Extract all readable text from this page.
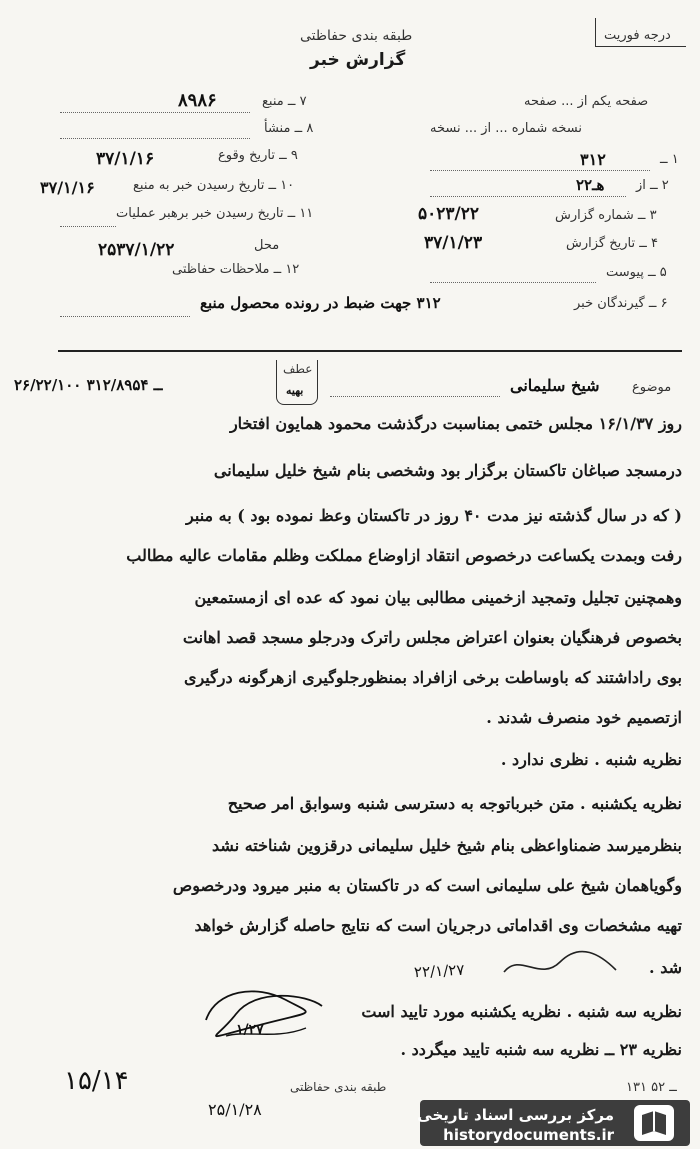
طبقه بندی حفاظتی
گزارش خبر
درجه فوریت
۷ ــ منبع
۸۹۸۶
۸ ــ منشأ
۹ ــ تاریخ وقوع
۳۷/۱/۱۶
۱۰ ــ تاریخ رسیدن خبر به منبع
۳۷/۱/۱۶
۱۱ ــ تاریخ رسیدن خبر برهبر عملیات
محل
۲۵۳۷/۱/۲۲
۱۲ ــ ملاحظات حفاظتی
صفحه یکم از ... صفحه
نسخه شماره ... از ... نسخه
۱ ــ
۳۱۲
۲ ــ از
۲۲هـ
۳ ــ شماره گزارش
۵۰۲۳/۲۲
۴ ــ تاریخ گزارش
۳۷/۱/۲۳
۵ ــ پیوست
۶ ــ گیرندگان خبر
۳۱۲ جهت ضبط در رونده محصول منبع
عطف
بهیه
۲۶/۲۲/۱۰۰ ــ ۳۱۲/۸۹۵۴	موضوع
شیخ سلیمانی
روز ۱۶/۱/۳۷ مجلس ختمی بمناسبت درگذشت محمود همایون افتخار
درمسجد صباغان تاکستان برگزار بود وشخصی بنام شیخ خلیل سلیمانی
( که در سال گذشته نیز مدت ۴۰ روز در تاکستان وعظ نموده بود ) به منبر
رفت وبمدت یکساعت درخصوص انتقاد ازاوضاع مملکت وظلم مقامات عالیه مطالب
وهمچنین تجلیل وتمجید ازخمینی مطالبی بیان نمود که عده ای ازمستمعین
بخصوص فرهنگیان بعنوان اعتراض مجلس راترک ودرجلو مسجد قصد اهانت
بوی راداشتند که باوساطت برخی ازافراد بمنظورجلوگیری ازهرگونه درگیری
ازتصمیم خود منصرف شدند .
نظریه شنبه . نظری ندارد .
نظریه یکشنبه . متن خبرباتوجه به دسترسی شنبه وسوابق امر صحیح
بنظرمیرسد ضمناواعظی بنام شیخ خلیل سلیمانی درقزوین شناخته نشد
وگویاهمان شیخ علی سلیمانی است که در تاکستان به منبر میرود ودرخصوص
تهیه مشخصات وی اقداماتی درجریان است که نتایج حاصله گزارش خواهد
شد .
۲۲/۱/۲۷
نظریه سه شنبه . نظریه یکشنبه مورد تایید است
۱/۲۷
نظریه ۲۳ ــ نظریه سه شنبه تایید میگردد .
۱۳۱ ــ ۵۲
طبقه بندی حفاظتی
۲۵/۱/۲۸
۱۵/۱۴
مرکز بررسی اسناد تاریخی
historydocuments.ir
